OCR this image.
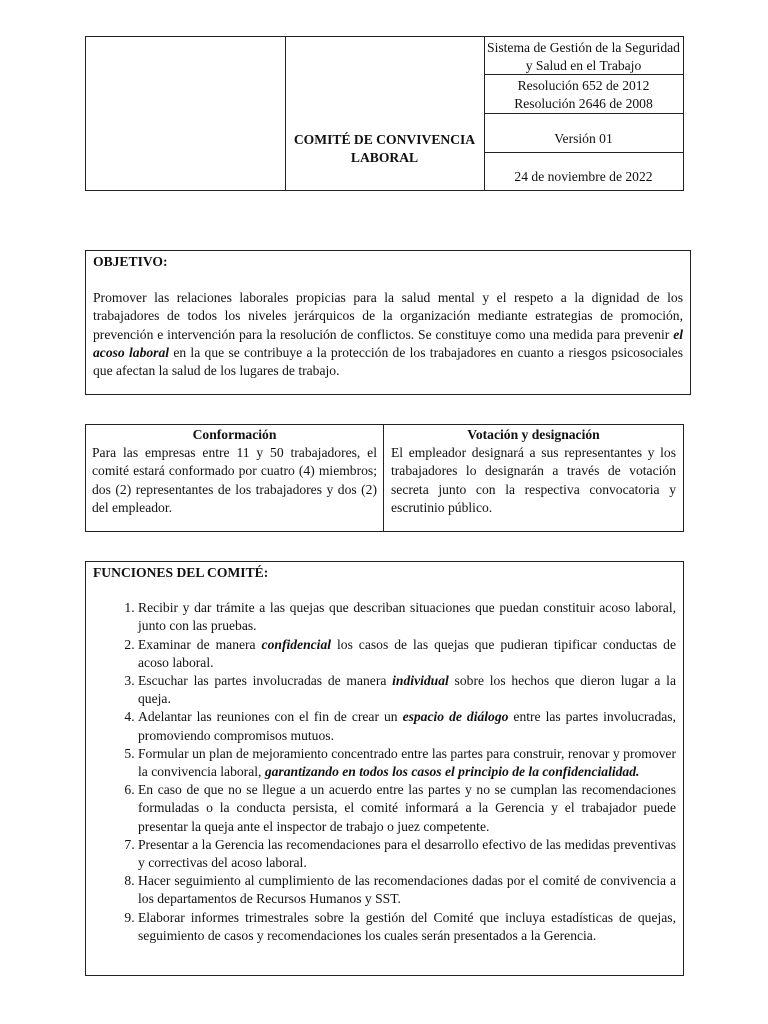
COMITÉ DE CONVIVENCIA LABORAL
Sistema de Gestión de la Seguridad y Salud en el Trabajo
Resolución 652 de 2012
Resolución 2646 de 2008
Versión 01
24 de noviembre de 2022
OBJETIVO:
Promover las relaciones laborales propicias para la salud mental y el respeto a la dignidad de los trabajadores de todos los niveles jerárquicos de la organización mediante estrategias de promoción, prevención e intervención para la resolución de conflictos. Se constituye como una medida para prevenir el acoso laboral en la que se contribuye a la protección de los trabajadores en cuanto a riesgos psicosociales que afectan la salud de los lugares de trabajo.
Conformación
Para las empresas entre 11 y 50 trabajadores, el comité estará conformado por cuatro (4) miembros; dos (2) representantes de los trabajadores y dos (2) del empleador.
Votación y designación
El empleador designará a sus representantes y los trabajadores lo designarán a través de votación secreta junto con la respectiva convocatoria y escrutinio público.
FUNCIONES DEL COMITÉ:
1. Recibir y dar trámite a las quejas que describan situaciones que puedan constituir acoso laboral, junto con las pruebas.
2. Examinar de manera confidencial los casos de las quejas que pudieran tipificar conductas de acoso laboral.
3. Escuchar las partes involucradas de manera individual sobre los hechos que dieron lugar a la queja.
4. Adelantar las reuniones con el fin de crear un espacio de diálogo entre las partes involucradas, promoviendo compromisos mutuos.
5. Formular un plan de mejoramiento concentrado entre las partes para construir, renovar y promover la convivencia laboral, garantizando en todos los casos el principio de la confidencialidad.
6. En caso de que no se llegue a un acuerdo entre las partes y no se cumplan las recomendaciones formuladas o la conducta persista, el comité informará a la Gerencia y el trabajador puede presentar la queja ante el inspector de trabajo o juez competente.
7. Presentar a la Gerencia las recomendaciones para el desarrollo efectivo de las medidas preventivas y correctivas del acoso laboral.
8. Hacer seguimiento al cumplimiento de las recomendaciones dadas por el comité de convivencia a los departamentos de Recursos Humanos y SST.
9. Elaborar informes trimestrales sobre la gestión del Comité que incluya estadísticas de quejas, seguimiento de casos y recomendaciones los cuales serán presentados a la Gerencia.
